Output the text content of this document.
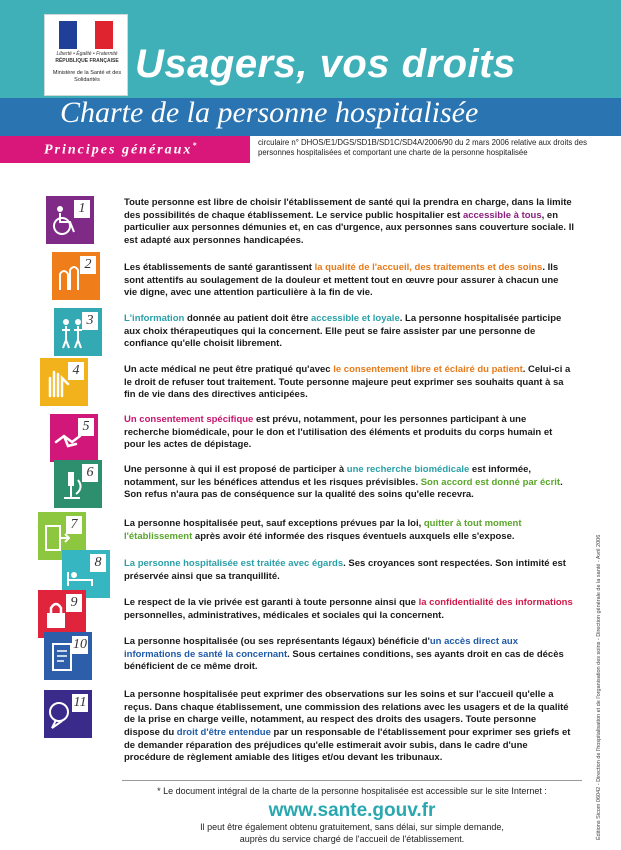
Liberté • Égalité • Fraternité
RÉPUBLIQUE FRANÇAISE
Ministère de la Santé et des Solidarités Usagers, vos droits
Charte de la personne hospitalisée
Principes généraux*	circulaire n° DHOS/E1/DGS/SD1B/SD1C/SD4A/2006/90 du 2 mars 2006 relative aux droits des personnes hospitalisées et comportant une charte de la personne hospitalisée
1	Toute personne est libre de choisir l'établissement de santé qui la prendra en charge, dans la limite des possibilités de chaque établissement. Le service public hospitalier est accessible à tous, en particulier aux personnes démunies et, en cas d'urgence, aux personnes sans couverture sociale. Il est adapté aux personnes handicapées.
2	Les établissements de santé garantissent la qualité de l'accueil, des traitements et des soins. Ils sont attentifs au soulagement de la douleur et mettent tout en œuvre pour assurer à chacun une vie digne, avec une attention particulière à la fin de vie.
3	L'information donnée au patient doit être accessible et loyale. La personne hospitalisée participe aux choix thérapeutiques qui la concernent. Elle peut se faire assister par une personne de confiance qu'elle choisit librement.
4	Un acte médical ne peut être pratiqué qu'avec le consentement libre et éclairé du patient. Celui-ci a le droit de refuser tout traitement. Toute personne majeure peut exprimer ses souhaits quant à sa fin de vie dans des directives anticipées.
5	Un consentement spécifique est prévu, notamment, pour les personnes participant à une recherche biomédicale, pour le don et l'utilisation des éléments et produits du corps humain et pour les actes de dépistage.
6	Une personne à qui il est proposé de participer à une recherche biomédicale est informée, notamment, sur les bénéfices attendus et les risques prévisibles. Son accord est donné par écrit. Son refus n'aura pas de conséquence sur la qualité des soins qu'elle recevra.
7	La personne hospitalisée peut, sauf exceptions prévues par la loi, quitter à tout moment l'établissement après avoir été informée des risques éventuels auxquels elle s'expose.
8	La personne hospitalisée est traitée avec égards. Ses croyances sont respectées. Son intimité est préservée ainsi que sa tranquillité.
9	Le respect de la vie privée est garanti à toute personne ainsi que la confidentialité des informations personnelles, administratives, médicales et sociales qui la concernent.
10	La personne hospitalisée (ou ses représentants légaux) bénéficie d'un accès direct aux informations de santé la concernant. Sous certaines conditions, ses ayants droit en cas de décès bénéficient de ce même droit.
11
La personne hospitalisée peut exprimer des observations sur les soins et sur l'accueil qu'elle a reçus. Dans chaque établissement, une commission des relations avec les usagers et de la qualité de la prise en charge veille, notamment, au respect des droits des usagers. Toute personne dispose du droit d'être entendue par un responsable de l'établissement pour exprimer ses griefs et de demander réparation des préjudices qu'elle estimerait avoir subis, dans le cadre d'une procédure de règlement amiable des litiges et/ou devant les tribunaux.
* Le document intégral de la charte de la personne hospitalisée est accessible sur le site Internet :
www.sante.gouv.fr
Il peut être également obtenu gratuitement, sans délai, sur simple demande,
auprès du service chargé de l'accueil de l'établissement.	Éditions Sicom 06042 - Direction de l'hospitalisation et de l'organisation des soins - Direction générale de la santé - Avril 2006
